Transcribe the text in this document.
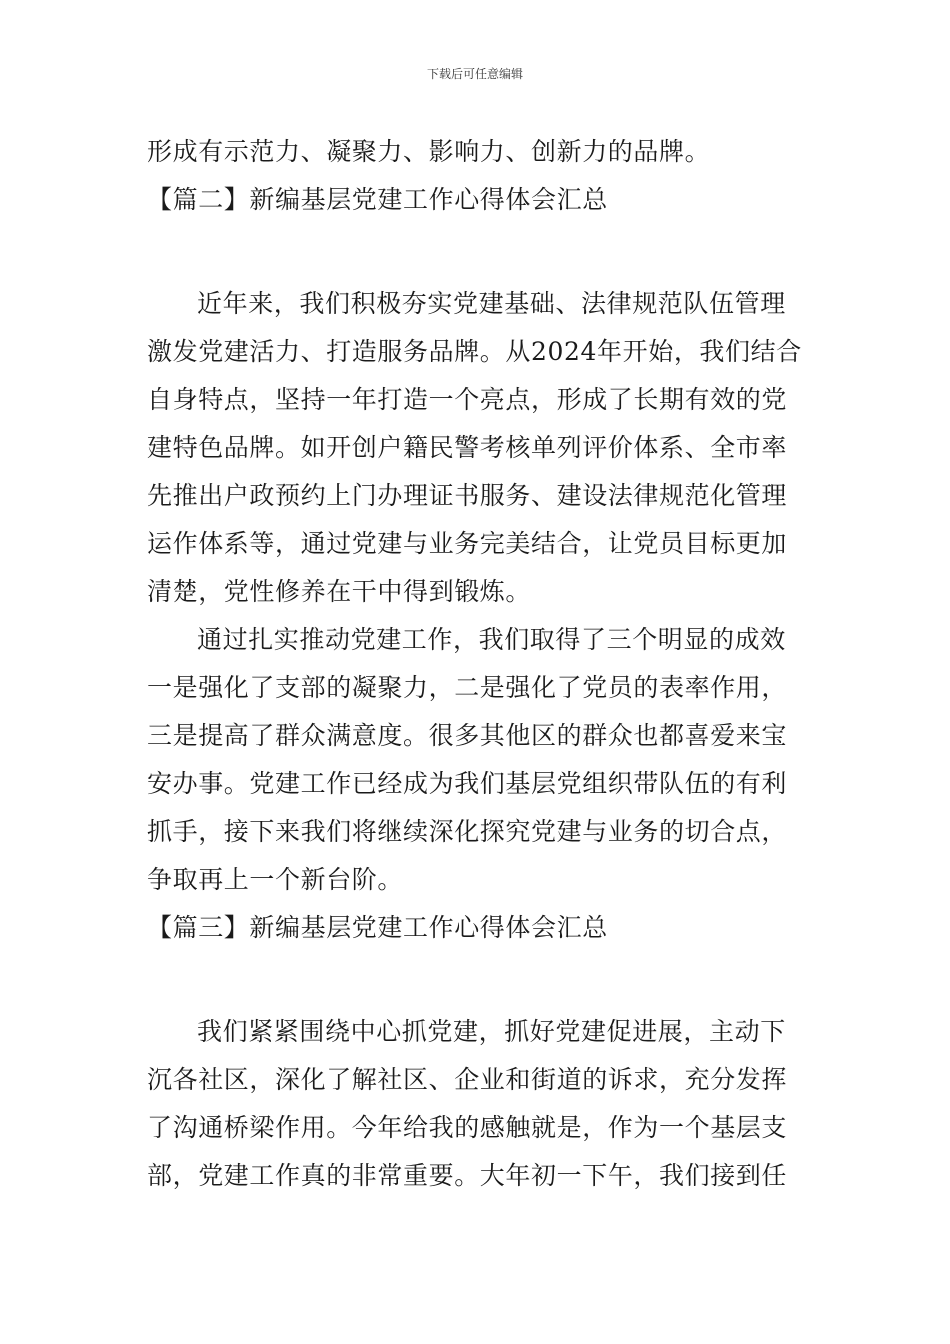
下载后可任意编辑
形成有示范力、凝聚力、影响力、创新力的品牌。
【篇二】新编基层党建工作心得体会汇总
近年来，我们积极夯实党建基础、法律规范队伍管理
激发党建活力、打造服务品牌。从2024年开始，我们结合
自身特点，坚持一年打造一个亮点，形成了长期有效的党
建特色品牌。如开创户籍民警考核单列评价体系、全市率
先推出户政预约上门办理证书服务、建设法律规范化管理
运作体系等，通过党建与业务完美结合，让党员目标更加
清楚，党性修养在干中得到锻炼。
通过扎实推动党建工作，我们取得了三个明显的成效
一是强化了支部的凝聚力，二是强化了党员的表率作用，
三是提高了群众满意度。很多其他区的群众也都喜爱来宝
安办事。党建工作已经成为我们基层党组织带队伍的有利
抓手，接下来我们将继续深化探究党建与业务的切合点，
争取再上一个新台阶。
【篇三】新编基层党建工作心得体会汇总
我们紧紧围绕中心抓党建，抓好党建促进展，主动下
沉各社区，深化了解社区、企业和街道的诉求，充分发挥
了沟通桥梁作用。今年给我的感触就是，作为一个基层支
部，党建工作真的非常重要。大年初一下午，我们接到任
